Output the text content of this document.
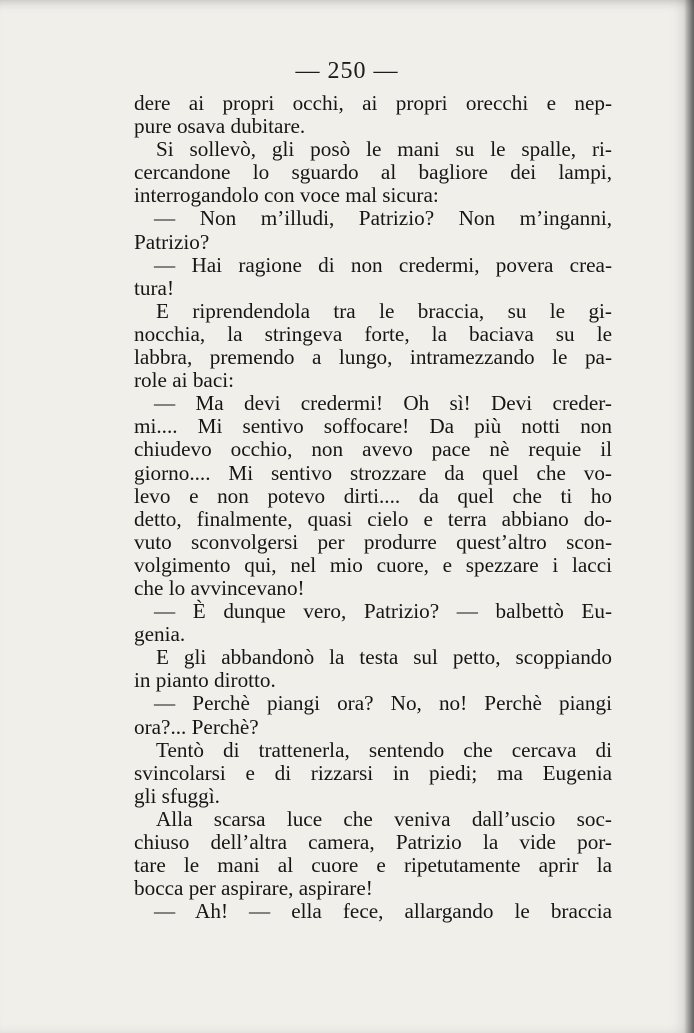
— 250 —
dere ai propri occhi, ai propri orecchi e nep-
pure osava dubitare.
Si sollevò, gli posò le mani su le spalle, ri-
cercandone lo sguardo al bagliore dei lampi,
interrogandolo con voce mal sicura:
— Non m’illudi, Patrizio? Non m’inganni,
Patrizio?
— Hai ragione di non credermi, povera crea-
tura!
E riprendendola tra le braccia, su le gi-
nocchia, la stringeva forte, la baciava su le
labbra, premendo a lungo, intramezzando le pa-
role ai baci:
— Ma devi credermi! Oh sì! Devi creder-
mi.... Mi sentivo soffocare! Da più notti non
chiudevo occhio, non avevo pace nè requie il
giorno.... Mi sentivo strozzare da quel che vo-
levo e non potevo dirti.... da quel che ti ho
detto, finalmente, quasi cielo e terra abbiano do-
vuto sconvolgersi per produrre quest’altro scon-
volgimento qui, nel mio cuore, e spezzare i lacci
che lo avvincevano!
— È dunque vero, Patrizio? — balbettò Eu-
genia.
E gli abbandonò la testa sul petto, scoppiando
in pianto dirotto.
— Perchè piangi ora? No, no! Perchè piangi
ora?... Perchè?
Tentò di trattenerla, sentendo che cercava di
svincolarsi e di rizzarsi in piedi; ma Eugenia
gli sfuggì.
Alla scarsa luce che veniva dall’uscio soc-
chiuso dell’altra camera, Patrizio la vide por-
tare le mani al cuore e ripetutamente aprir la
bocca per aspirare, aspirare!
— Ah! — ella fece, allargando le braccia
